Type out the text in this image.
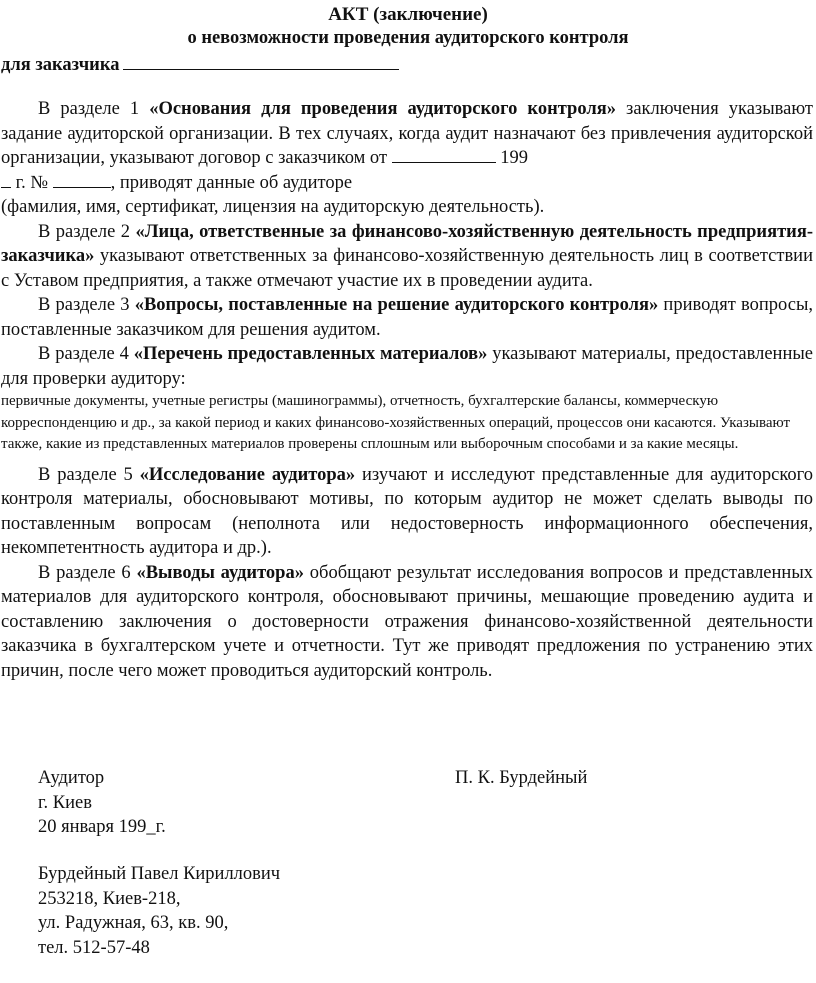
АКТ (заключение)
о невозможности проведения аудиторского контроля
для заказчика

В разделе 1 «Основания для проведения аудиторского контроля» заключения указывают задание аудиторской организации. В тех случаях, когда аудит назначают без привлечения аудиторской организации, указывают договор с заказчиком от	199
г. №	, приводят данные об аудиторе

(фамилия, имя, сертификат, лицензия на аудиторскую деятельность).

В разделе 2 «Лица, ответственные за финансово-хозяйственную деятельность предприятия-заказчика» указывают ответственных за финансово-хозяйственную деятельность лиц в соответствии с Уставом предприятия, а также отмечают участие их в проведении аудита.

В разделе 3 «Вопросы, поставленные на решение аудиторского контроля» приводят вопросы, поставленные заказчиком для решения аудитом.

В разделе 4 «Перечень предоставленных материалов» указывают материалы, предоставленные для проверки аудитору:

первичные документы, учетные регистры (машинограммы), отчетность, бухгалтерские балансы, коммерческую корреспонденцию и др., за какой период и каких финансово-хозяйственных операций, процессов они касаются. Указывают также, какие из представленных материалов проверены сплошным или выборочным способами и за какие месяцы.

В разделе 5 «Исследование аудитора» изучают и исследуют представленные для аудиторского контроля материалы, обосновывают мотивы, по которым аудитор не может сделать выводы по поставленным вопросам (неполнота или недостоверность информационного обеспечения, некомпетентность аудитора и др.).

В разделе 6 «Выводы аудитора» обобщают результат исследования вопросов и представленных материалов для аудиторского контроля, обосновывают причины, мешающие проведению аудита и составлению заключения о достоверности отражения финансово-хозяйственной деятельности заказчика в бухгалтерском учете и отчетности. Тут же приводят предложения по устранению этих причин, после чего может проводиться аудиторский контроль.

Аудитор
г. Киев
20 января 199_г.
П. К. Бурдейный
Бурдейный Павел Кириллович
253218, Киев-218,
ул. Радужная, 63, кв. 90,
тел. 512-57-48
